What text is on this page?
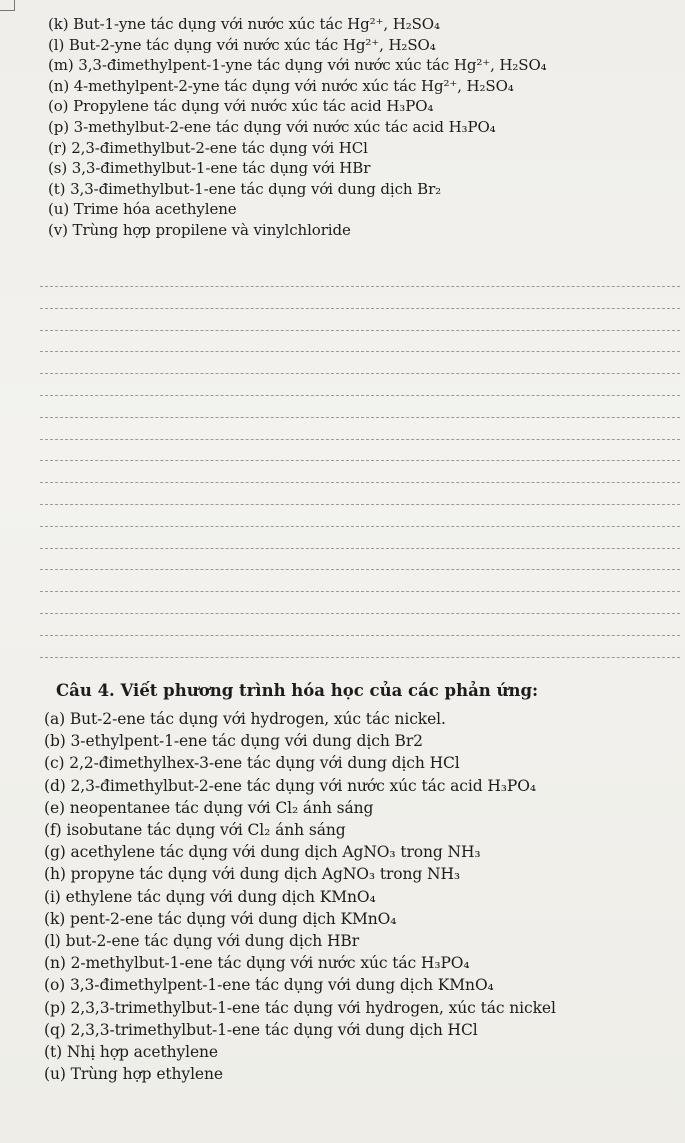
(k) But-1-yne tác dụng với nước xúc tác Hg²⁺, H₂SO₄
(l) But-2-yne tác dụng với nước xúc tác Hg²⁺, H₂SO₄
(m) 3,3-đimethylpent-1-yne tác dụng với nước xúc tác Hg²⁺, H₂SO₄
(n) 4-methylpent-2-yne tác dụng với nước xúc tác Hg²⁺, H₂SO₄
(o) Propylene tác dụng với nước xúc tác acid H₃PO₄
(p) 3-methylbut-2-ene tác dụng với nước xúc tác acid H₃PO₄
(r) 2,3-đimethylbut-2-ene tác dụng với HCl
(s) 3,3-đimethylbut-1-ene tác dụng với HBr
(t) 3,3-đimethylbut-1-ene tác dụng với dung dịch Br₂
(u) Trime hóa acethylene
(v) Trùng hợp propilene và vinylchloride
Câu 4. Viết phương trình hóa học của các phản ứng:
(a) But-2-ene tác dụng với hydrogen, xúc tác nickel.
(b) 3-ethylpent-1-ene tác dụng với dung dịch Br2
(c) 2,2-đimethylhex-3-ene tác dụng với dung dịch HCl
(d) 2,3-đimethylbut-2-ene tác dụng với nước xúc tác acid H₃PO₄
(e) neopentanee tác dụng với Cl₂ ánh sáng
(f) isobutane tác dụng với Cl₂ ánh sáng
(g) acethylene tác dụng với dung dịch AgNO₃ trong NH₃
(h) propyne tác dụng với dung dịch AgNO₃ trong NH₃
(i) ethylene tác dụng với dung dịch KMnO₄
(k) pent-2-ene tác dụng với dung dịch KMnO₄
(l) but-2-ene tác dụng với dung dịch HBr
(n) 2-methylbut-1-ene tác dụng với nước xúc tác H₃PO₄
(o) 3,3-đimethylpent-1-ene tác dụng với dung dịch KMnO₄
(p) 2,3,3-trimethylbut-1-ene tác dụng với hydrogen, xúc tác nickel
(q) 2,3,3-trimethylbut-1-ene tác dụng với dung dịch HCl
(t) Nhị hợp acethylene
(u) Trùng hợp ethylene
